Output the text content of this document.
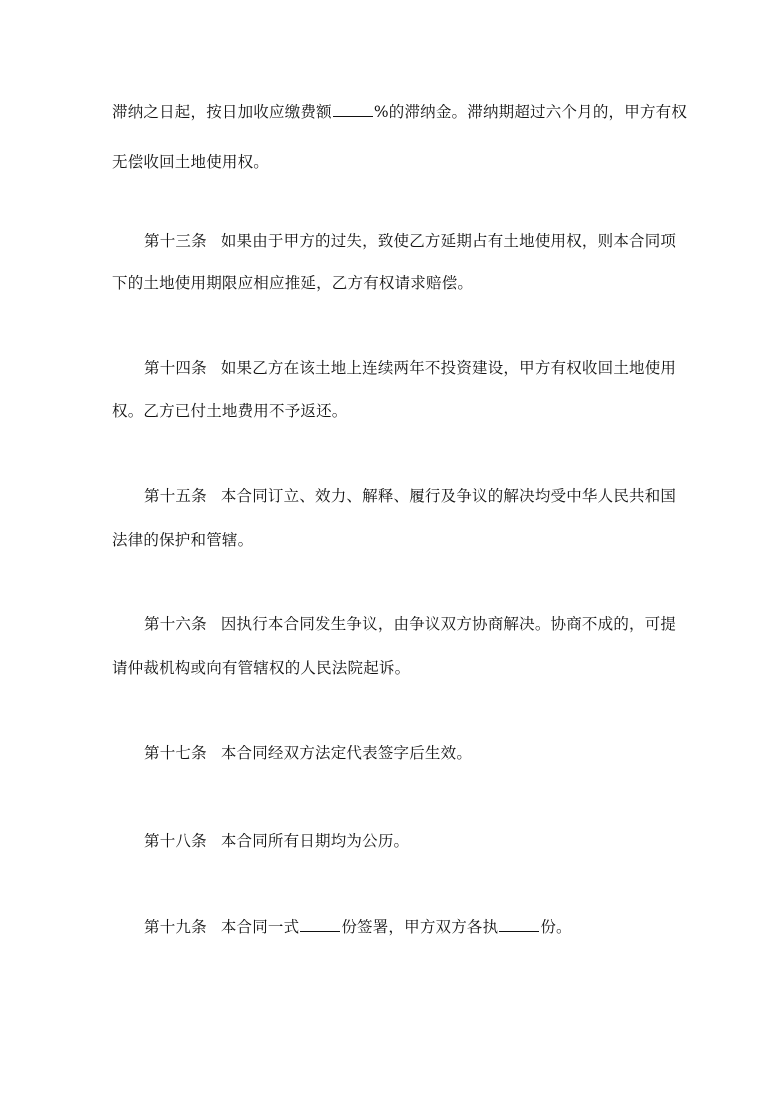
滞纳之日起，按日加收应缴费额	%的滞纳金。滞纳期超过六个月的，甲方有权
无偿收回土地使用权。
第十三条 如果由于甲方的过失，致使乙方延期占有土地使用权，则本合同项
下的土地使用期限应相应推延，乙方有权请求赔偿。
第十四条 如果乙方在该土地上连续两年不投资建设，甲方有权收回土地使用
权。乙方已付土地费用不予返还。
第十五条 本合同订立、效力、解释、履行及争议的解决均受中华人民共和国
法律的保护和管辖。
第十六条 因执行本合同发生争议，由争议双方协商解决。协商不成的，可提
请仲裁机构或向有管辖权的人民法院起诉。
第十七条 本合同经双方法定代表签字后生效。
第十八条 本合同所有日期均为公历。
第十九条 本合同一式	份签署，甲方双方各执	份。
